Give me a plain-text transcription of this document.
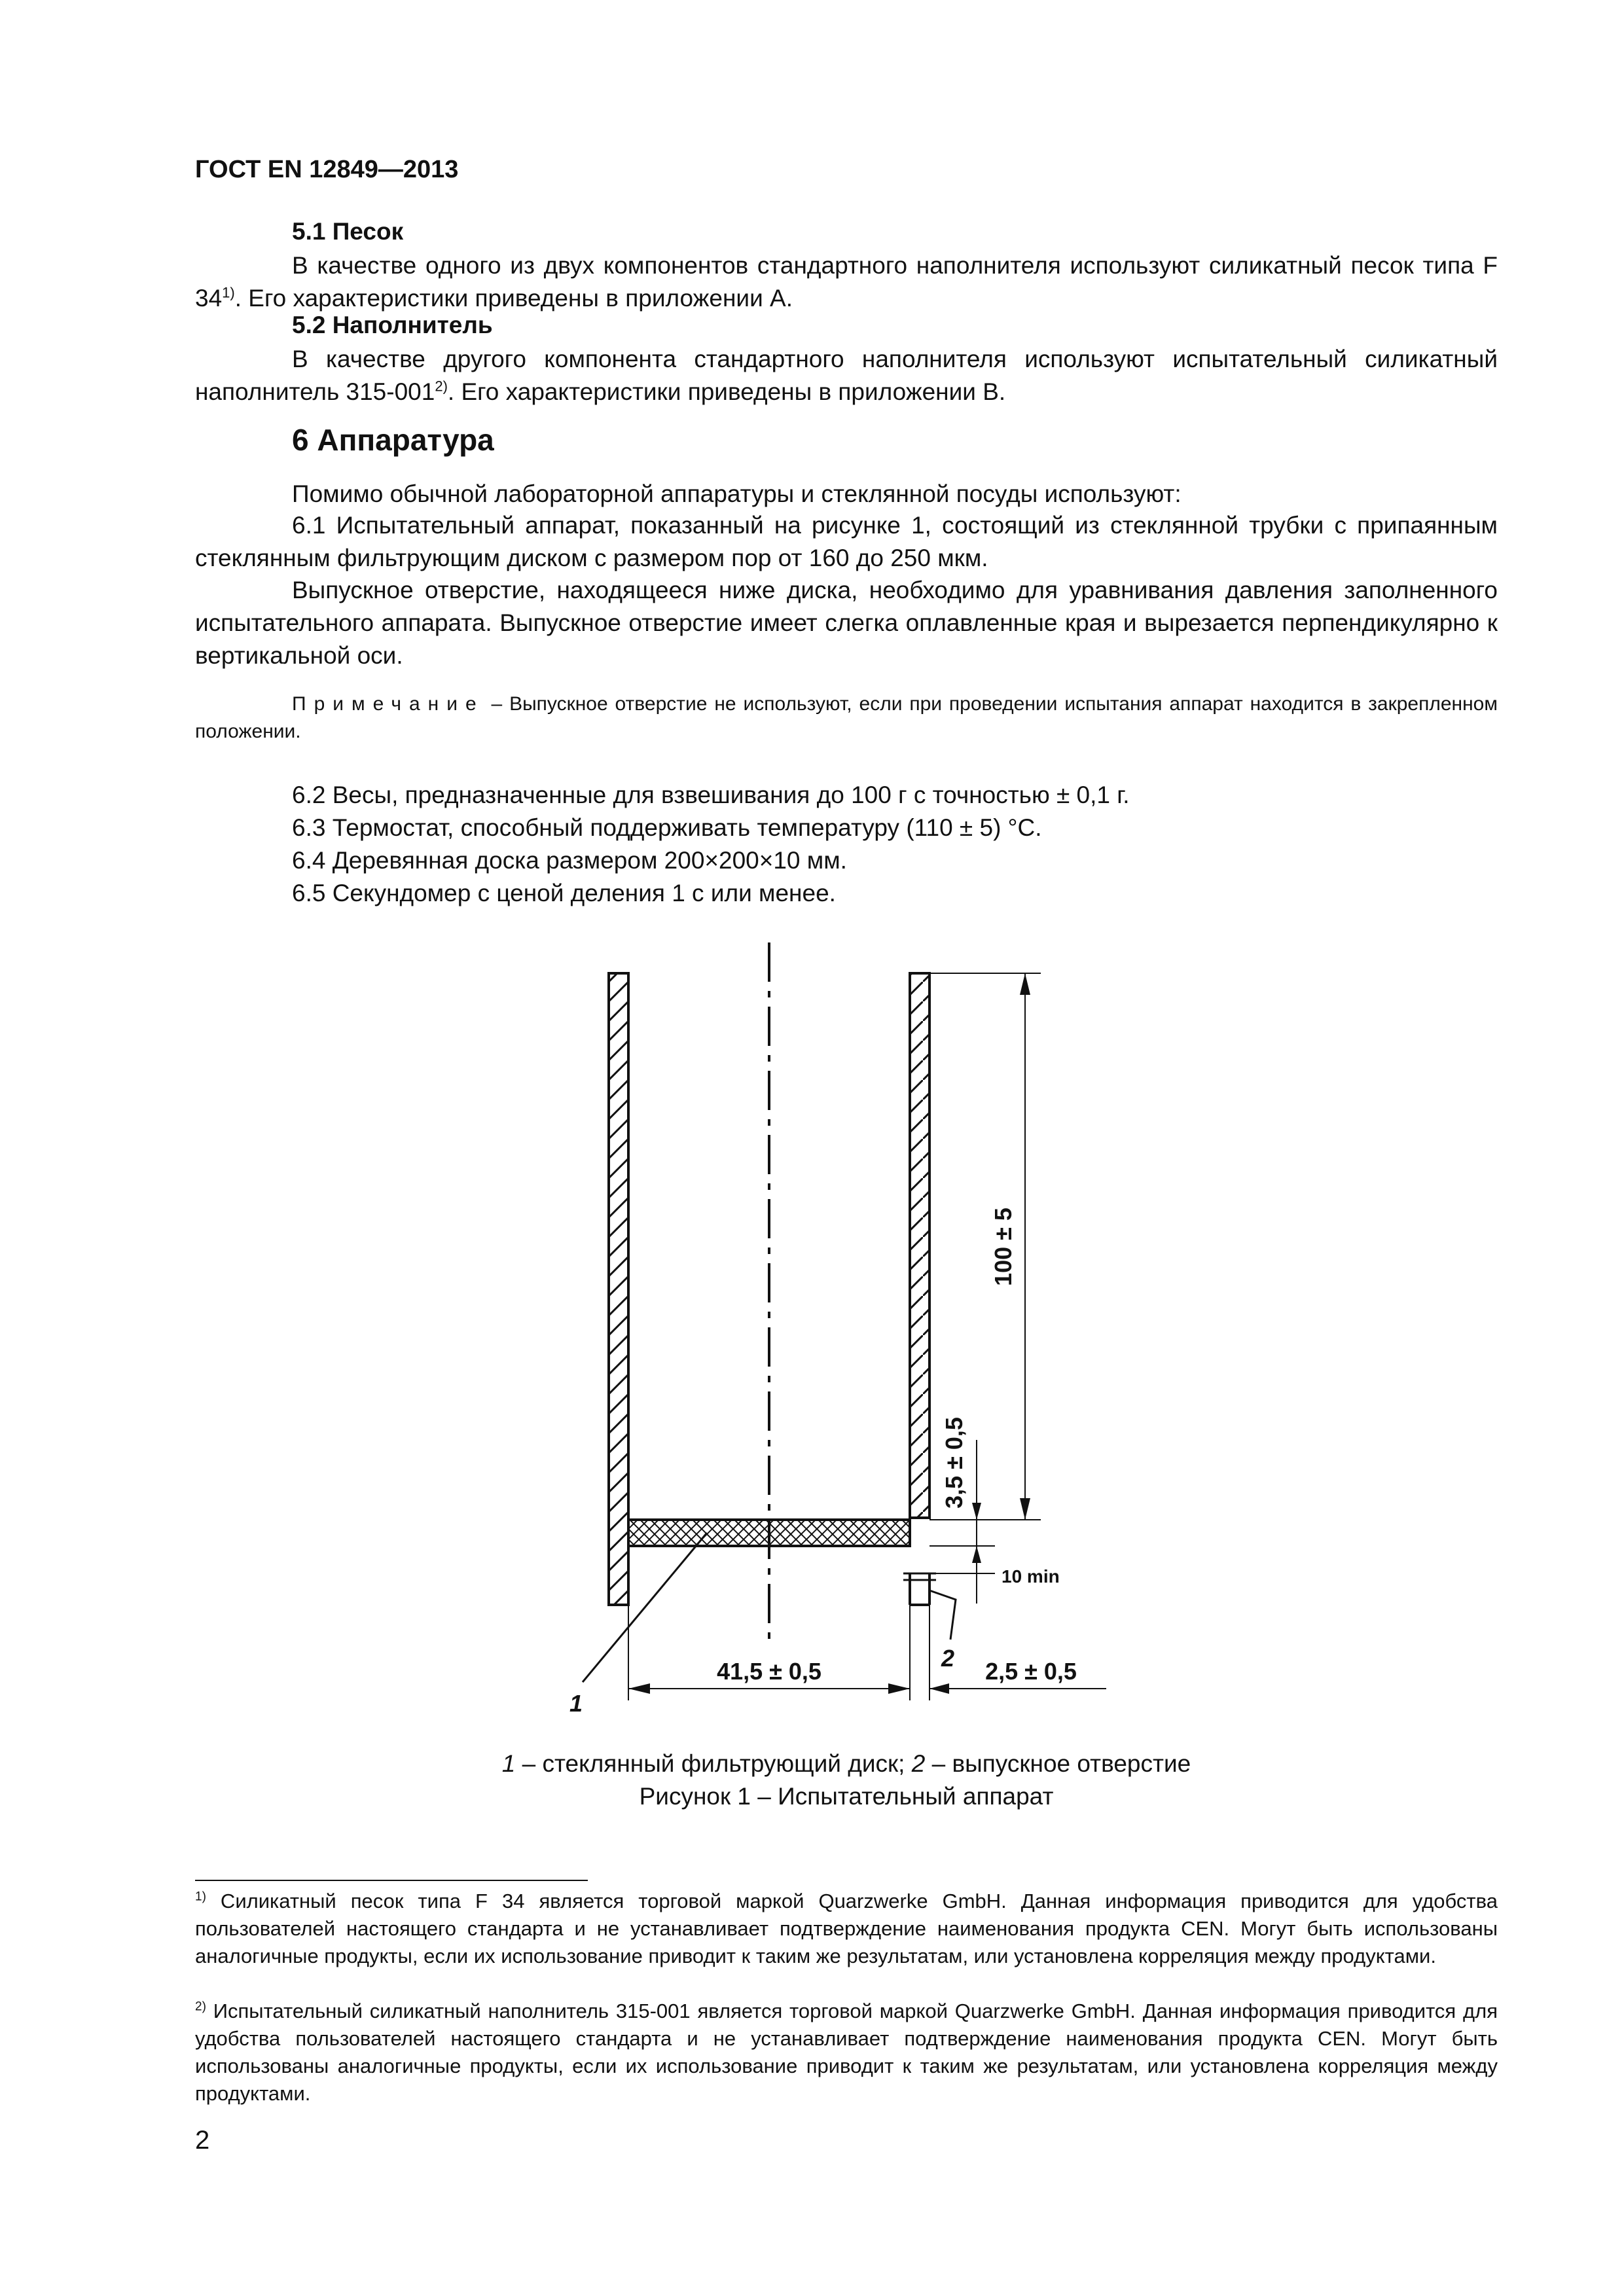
ГОСТ EN 12849—2013
5.1 Песок
В качестве одного из двух компонентов стандартного наполнителя используют силикатный песок типа F 34$^{1)}$. Его характеристики приведены в приложении А.
5.2 Наполнитель
В качестве другого компонента стандартного наполнителя используют испытательный силикатный наполнитель 315-001$^{2)}$. Его характеристики приведены в приложении В.
6 Аппаратура
Помимо обычной лабораторной аппаратуры и стеклянной посуды используют:
6.1 Испытательный аппарат, показанный на рисунке 1, состоящий из стеклянной трубки с припаянным стеклянным фильтрующим диском с размером пор от 160 до 250 мкм.
Выпускное отверстие, находящееся ниже диска, необходимо для уравнивания давления заполненного испытательного аппарата. Выпускное отверстие имеет слегка оплавленные края и вырезается перпендикулярно к вертикальной оси.
Примечание – Выпускное отверстие не используют, если при проведении испытания аппарат находится в закрепленном положении.
6.2 Весы, предназначенные для взвешивания до 100 г с точностью ± 0,1 г.
6.3 Термостат, способный поддерживать температуру (110 ± 5) °С.
6.4 Деревянная доска размером 200×200×10 мм.
6.5 Секундомер с ценой деления 1 с или менее.
100 ± 5
3,5 ± 0,5
10 min
41,5 ± 0,5	2,5 ± 0,5
1
2
1 – стеклянный фильтрующий диск; 2 – выпускное отверстие
Рисунок 1 – Испытательный аппарат
$^{1)}$ Силикатный песок типа F 34 является торговой маркой Quarzwerke GmbH. Данная информация приводится для удобства пользователей настоящего стандарта и не устанавливает подтверждение наименования продукта CEN. Могут быть использованы аналогичные продукты, если их использование приводит к таким же результатам, или установлена корреляция между продуктами.
$^{2)}$ Испытательный силикатный наполнитель 315-001 является торговой маркой Quarzwerke GmbH. Данная информация приводится для удобства пользователей настоящего стандарта и не устанавливает подтверждение наименования продукта CEN. Могут быть использованы аналогичные продукты, если их использование приводит к таким же результатам, или установлена корреляция между продуктами.
2
